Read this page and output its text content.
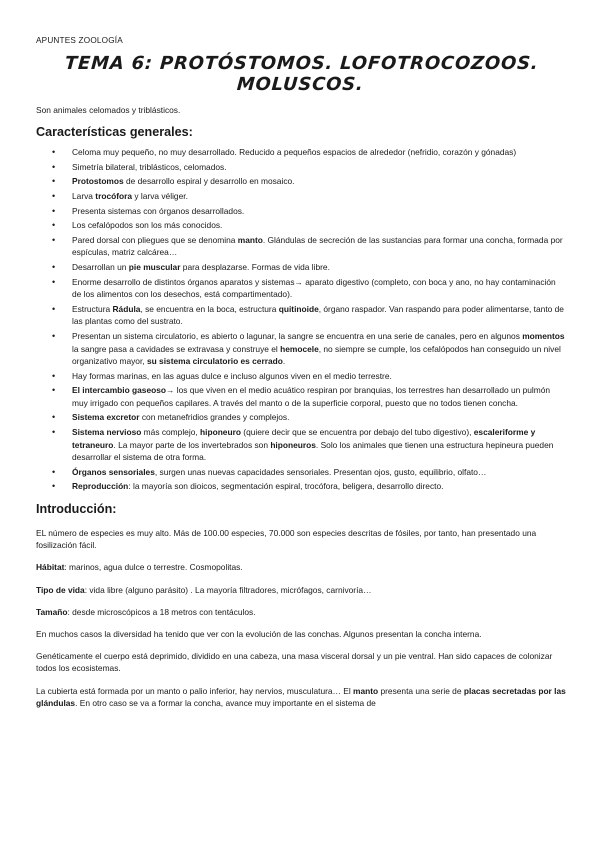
APUNTES ZOOLOGÍA
TEMA 6: PROTÓSTOMOS. LOFOTROCOZOOS. MOLUSCOS.

Son animales celomados y triblásticos.

Características generales:
• Celoma muy pequeño, no muy desarrollado. Reducido a pequeños espacios de alrededor (nefridio, corazón y gónadas)
• Simetría bilateral, triblásticos, celomados.
• Protostomos de desarrollo espiral y desarrollo en mosaico.
• Larva trocófora y larva véliger.
• Presenta sistemas con órganos desarrollados.
• Los cefalópodos son los más conocidos.
• Pared dorsal con pliegues que se denomina manto. Glándulas de secreción de las sustancias para formar una concha, formada por espículas, matriz calcárea…
• Desarrollan un pie muscular para desplazarse. Formas de vida libre.
• Enorme desarrollo de distintos órganos aparatos y sistemas→ aparato digestivo (completo, con boca y ano, no hay contaminación de los alimentos con los desechos, está compartimentado).
• Estructura Rádula, se encuentra en la boca, estructura quitinoide, órgano raspador. Van raspando para poder alimentarse, tanto de las plantas como del sustrato.
• Presentan un sistema circulatorio, es abierto o lagunar, la sangre se encuentra en una serie de canales, pero en algunos momentos la sangre pasa a cavidades se extravasa y construye el hemocele, no siempre se cumple, los cefalópodos han conseguido un nivel organizativo mayor, su sistema circulatorio es cerrado.
• Hay formas marinas, en las aguas dulce e incluso algunos viven en el medio terrestre.
• El intercambio gaseoso→ los que viven en el medio acuático respiran por branquias, los terrestres han desarrollado un pulmón muy irrigado con pequeños capilares. A través del manto o de la superficie corporal, puesto que no todos tienen concha.
• Sistema excretor con metanefridios grandes y complejos.
• Sistema nervioso más complejo, hiponeuro (quiere decir que se encuentra por debajo del tubo digestivo), escaleriforme y tetraneuro. La mayor parte de los invertebrados son hiponeuros. Solo los animales que tienen una estructura hepineura pueden desarrollar el sistema de otra forma.
• Órganos sensoriales, surgen unas nuevas capacidades sensoriales. Presentan ojos, gusto, equilibrio, olfato…
• Reproducción: la mayoría son dioicos, segmentación espiral, trocófora, beligera, desarrollo directo.
Introducción:

EL número de especies es muy alto. Más de 100.00 especies, 70.000 son especies descritas de fósiles, por tanto, han presentado una fosilización fácil.

Hábitat: marinos, agua dulce o terrestre. Cosmopolitas.

Tipo de vida: vida libre (alguno parásito) . La mayoría filtradores, micrófagos, carnivoría…

Tamaño: desde microscópicos a 18 metros con tentáculos.

En muchos casos la diversidad ha tenido que ver con la evolución de las conchas. Algunos presentan la concha interna.

Genéticamente el cuerpo está deprimido, dividido en una cabeza, una masa visceral dorsal y un pie ventral. Han sido capaces de colonizar todos los ecosistemas.

La cubierta está formada por un manto o palio inferior, hay nervios, musculatura… El manto presenta una serie de placas secretadas por las glándulas. En otro caso se va a formar la concha, avance muy importante en el sistema de
